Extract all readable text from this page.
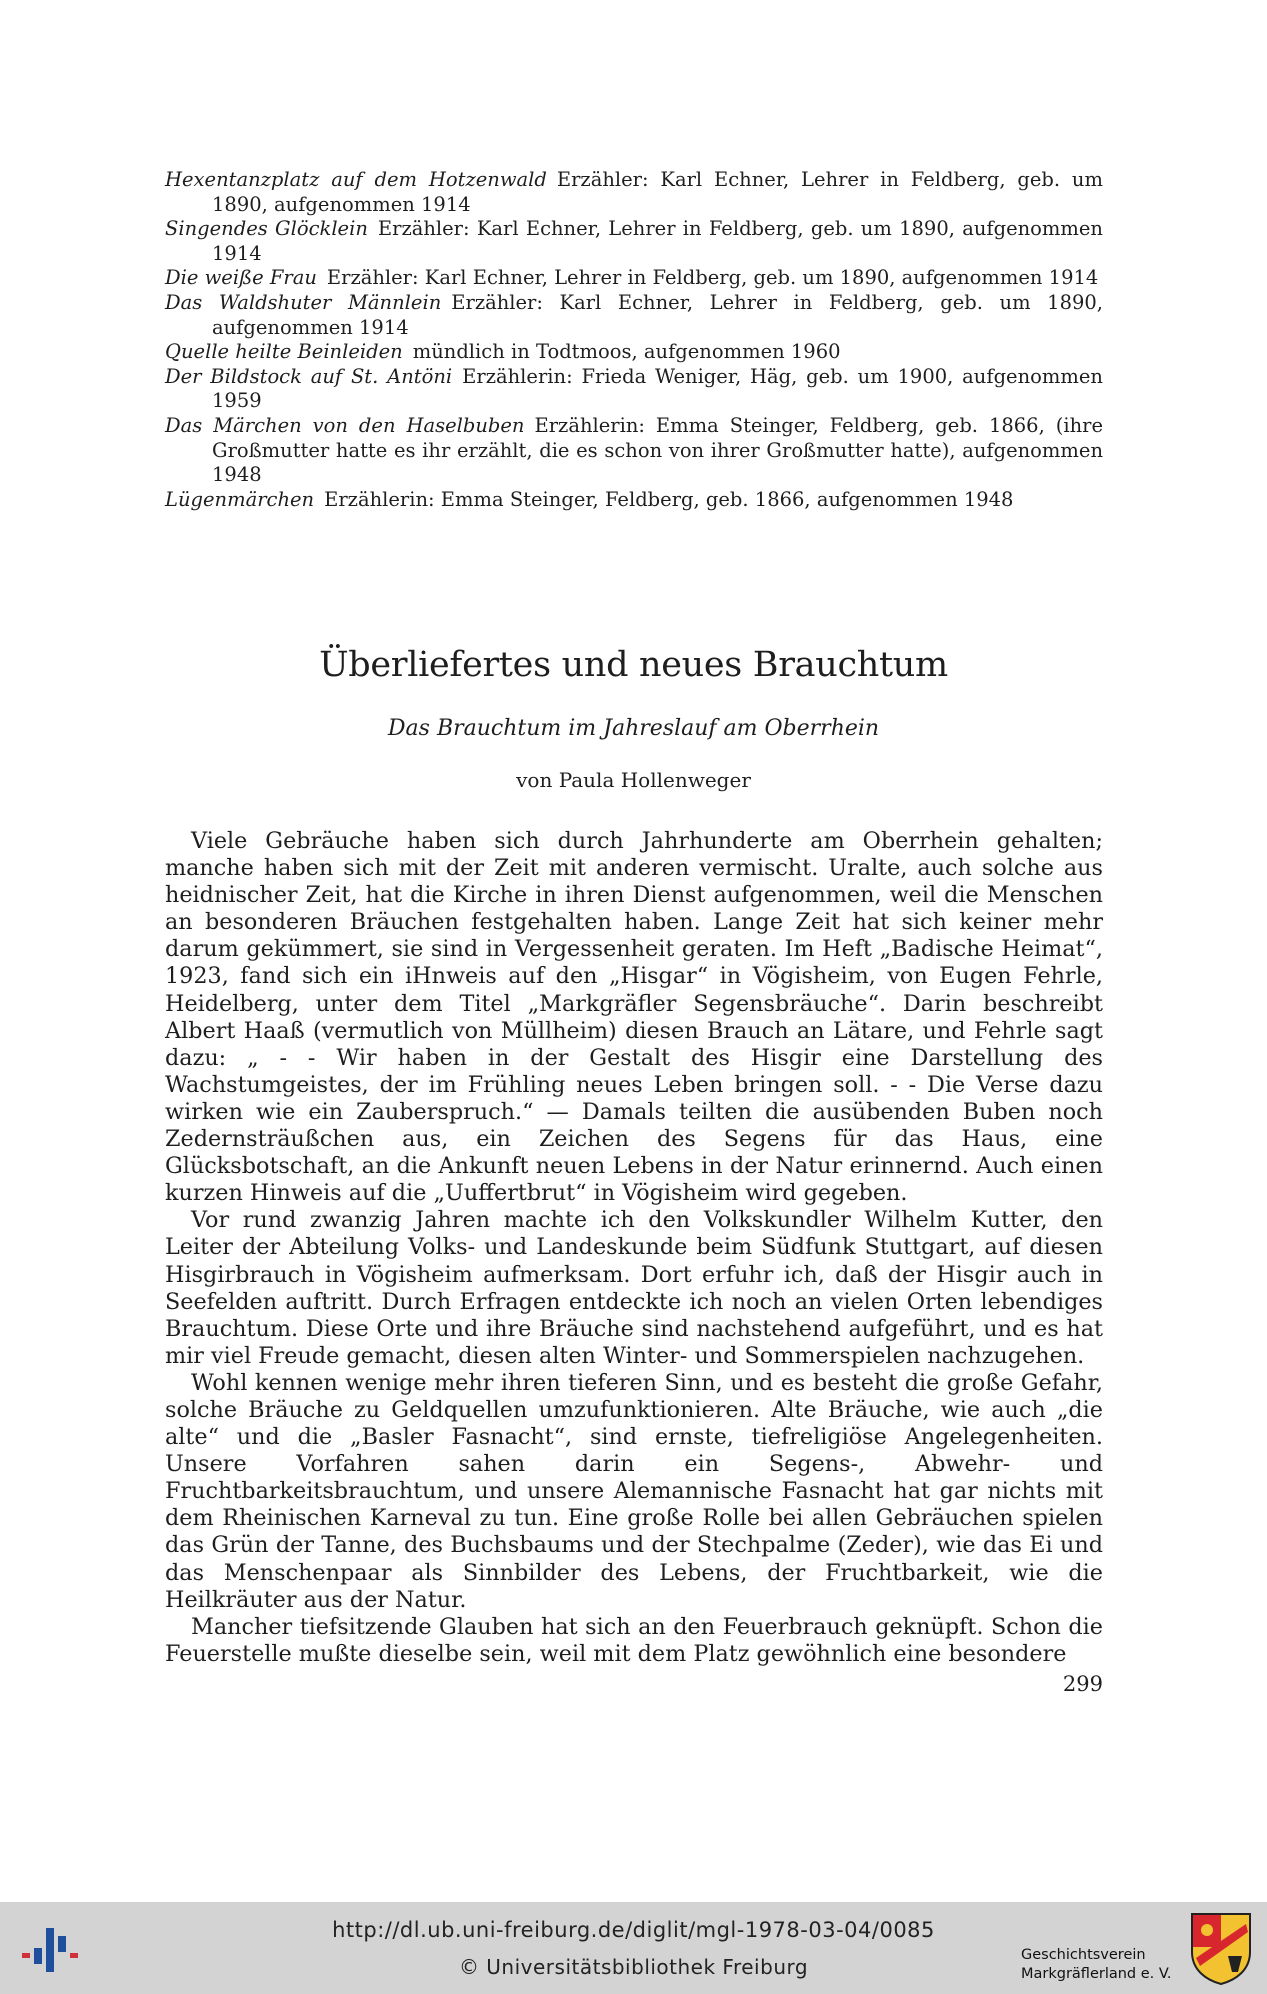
Hexentanzplatz auf dem Hotzenwald Erzähler: Karl Echner, Lehrer in Feldberg, geb. um 1890, aufgenommen 1914

Singendes Glöcklein Erzähler: Karl Echner, Lehrer in Feldberg, geb. um 1890, aufgenommen 1914

Die weiße Frau Erzähler: Karl Echner, Lehrer in Feldberg, geb. um 1890, aufgenommen 1914

Das Waldshuter Männlein Erzähler: Karl Echner, Lehrer in Feldberg, geb. um 1890, aufgenommen 1914

Quelle heilte Beinleiden mündlich in Todtmoos, aufgenommen 1960

Der Bildstock auf St. Antöni Erzählerin: Frieda Weniger, Häg, geb. um 1900, aufgenommen 1959

Das Märchen von den Haselbuben Erzählerin: Emma Steinger, Feldberg, geb. 1866, (ihre Großmutter hatte es ihr erzählt, die es schon von ihrer Großmutter hatte), aufgenommen 1948

Lügenmärchen Erzählerin: Emma Steinger, Feldberg, geb. 1866, aufgenommen 1948

Überliefertes und neues Brauchtum
Das Brauchtum im Jahreslauf am Oberrhein
von Paula Hollenweger

Viele Gebräuche haben sich durch Jahrhunderte am Oberrhein gehalten; manche haben sich mit der Zeit mit anderen vermischt. Uralte, auch solche aus heidnischer Zeit, hat die Kirche in ihren Dienst aufgenommen, weil die Menschen an besonderen Bräuchen festgehalten haben. Lange Zeit hat sich keiner mehr darum gekümmert, sie sind in Vergessenheit geraten. Im Heft „Badische Heimat“, 1923, fand sich ein iHnweis auf den „Hisgar“ in Vögisheim, von Eugen Fehrle, Heidelberg, unter dem Titel „Markgräfler Segensbräuche“. Darin beschreibt Albert Haaß (vermutlich von Müllheim) diesen Brauch an Lätare, und Fehrle sagt dazu: „ - - Wir haben in der Gestalt des Hisgir eine Darstellung des Wachstumgeistes, der im Frühling neues Leben bringen soll. - - Die Verse dazu wirken wie ein Zauberspruch.“ — Damals teilten die ausübenden Buben noch Zedernsträußchen aus, ein Zeichen des Segens für das Haus, eine Glücksbotschaft, an die Ankunft neuen Lebens in der Natur erinnernd. Auch einen kurzen Hinweis auf die „Uuffertbrut“ in Vögisheim wird gegeben.

Vor rund zwanzig Jahren machte ich den Volkskundler Wilhelm Kutter, den Leiter der Abteilung Volks- und Landeskunde beim Südfunk Stuttgart, auf diesen Hisgirbrauch in Vögisheim aufmerksam. Dort erfuhr ich, daß der Hisgir auch in Seefelden auftritt. Durch Erfragen entdeckte ich noch an vielen Orten lebendiges Brauchtum. Diese Orte und ihre Bräuche sind nachstehend aufgeführt, und es hat mir viel Freude gemacht, diesen alten Winter- und Sommerspielen nachzugehen.

Wohl kennen wenige mehr ihren tieferen Sinn, und es besteht die große Gefahr, solche Bräuche zu Geldquellen umzufunktionieren. Alte Bräuche, wie auch „die alte“ und die „Basler Fasnacht“, sind ernste, tiefreligiöse Angelegenheiten. Unsere Vorfahren sahen darin ein Segens-, Abwehr- und Fruchtbarkeitsbrauchtum, und unsere Alemannische Fasnacht hat gar nichts mit dem Rheinischen Karneval zu tun. Eine große Rolle bei allen Gebräuchen spielen das Grün der Tanne, des Buchsbaums und der Stechpalme (Zeder), wie das Ei und das Menschenpaar als Sinnbilder des Lebens, der Fruchtbarkeit, wie die Heilkräuter aus der Natur.

Mancher tiefsitzende Glauben hat sich an den Feuerbrauch geknüpft. Schon die Feuerstelle mußte dieselbe sein, weil mit dem Platz gewöhnlich eine besondere

299
http://dl.ub.uni-freiburg.de/diglit/mgl-1978-03-04/0085
© Universitätsbibliothek Freiburg	Geschichtsverein
Markgräflerland e. V.
